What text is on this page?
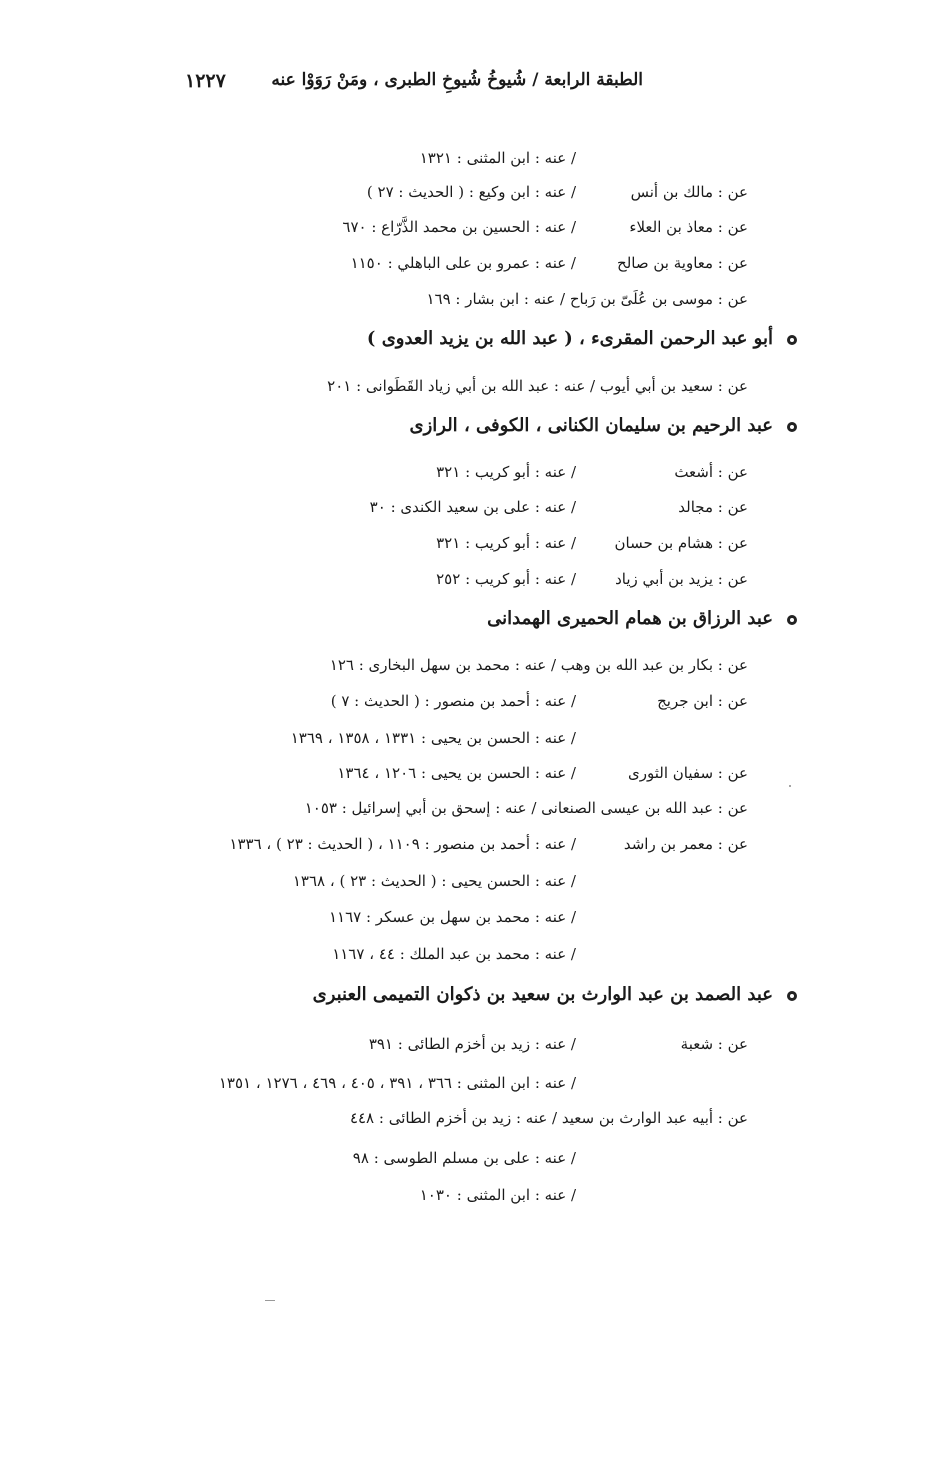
الطبقة الرابعة / شُيوخُ شُيوخِ الطبرى ، ومَنْ رَوَوْا عنه
١٢٢٧
/ عنه : ابن المثنى : ١٣٢١
عن : مالك بن أنس
/ عنه : ابن وكيع : ( الحديث : ٢٧ )
عن : معاذ بن العلاء
/ عنه : الحسين بن محمد الذَّرّاع : ٦٧٠
عن : معاوية بن صالح
/ عنه : عمرو بن على الباهلي : ١١٥٠
عن : موسى بن عُلَىّ بن رَباح / عنه : ابن بشار : ١٦٩
أبو عبد الرحمن المقرىء ، ( عبد الله بن يزيد العدوى )
عن : سعيد بن أبي أيوب / عنه : عبد الله بن أبي زياد القَطَوانى : ٢٠١
عبد الرحيم بن سليمان الكنانى ، الكوفى ، الرازى
عن : أشعث
/ عنه : أبو كريب : ٣٢١
عن : مجالد
/ عنه : على بن سعيد الكندى : ٣٠
عن : هشام بن حسان
/ عنه : أبو كريب : ٣٢١
عن : يزيد بن أبي زياد
/ عنه : أبو كريب : ٢٥٢
عبد الرزاق بن همام الحميرى الهمدانى
عن : بكار بن عبد الله بن وهب / عنه : محمد بن سهل البخارى : ١٢٦
عن : ابن جريج
/ عنه : أحمد بن منصور : ( الحديث : ٧ )
/ عنه : الحسن بن يحيى : ١٣٣١ ، ١٣٥٨ ، ١٣٦٩
عن : سفيان الثورى
/ عنه : الحسن بن يحيى : ١٢٠٦ ، ١٣٦٤
عن : عبد الله بن عيسى الصنعانى / عنه : إسحق بن أبي إسرائيل : ١٠٥٣
عن : معمر بن راشد
/ عنه : أحمد بن منصور : ١١٠٩ ، ( الحديث : ٢٣ ) ، ١٣٣٦
/ عنه : الحسن يحيى : ( الحديث : ٢٣ ) ، ١٣٦٨
/ عنه : محمد بن سهل بن عسكر : ١١٦٧
/ عنه : محمد بن عبد الملك : ٤٤ ، ١١٦٧
عبد الصمد بن عبد الوارث بن سعيد بن ذكوان التميمى العنبرى
عن : شعبة
/ عنه : زيد بن أخزم الطائى : ٣٩١
/ عنه : ابن المثنى : ٣٦٦ ، ٣٩١ ، ٤٠٥ ، ٤٦٩ ، ١٢٧٦ ، ١٣٥١
عن : أبيه عبد الوارث بن سعيد / عنه : زيد بن أخزم الطائى : ٤٤٨
/ عنه : على بن مسلم الطوسى : ٩٨
/ عنه : ابن المثنى : ١٠٣٠
